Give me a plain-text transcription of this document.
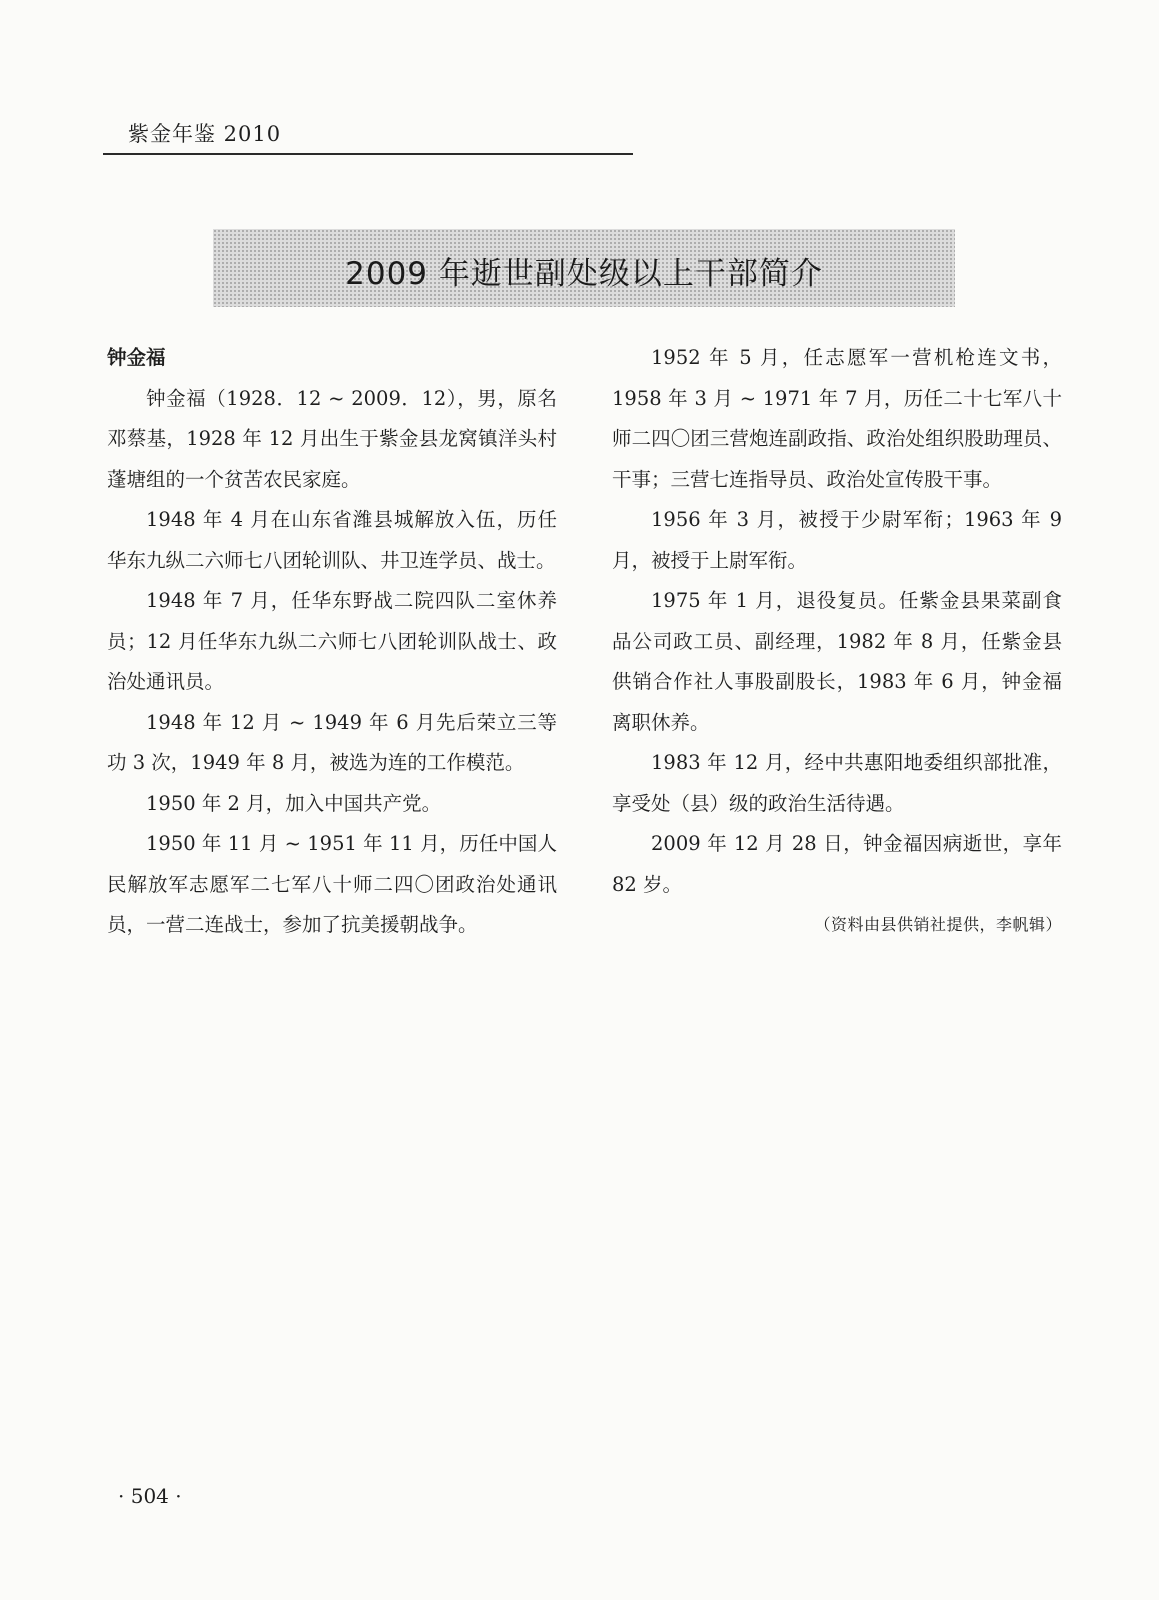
紫金年鉴 2010
2009 年逝世副处级以上干部简介
钟金福

钟金福（1928．12 ~ 2009．12），男，原名邓蔡基，1928 年 12 月出生于紫金县龙窝镇洋头村蓬塘组的一个贫苦农民家庭。

1948 年 4 月在山东省潍县城解放入伍，历任华东九纵二六师七八团轮训队、井卫连学员、战士。

1948 年 7 月，任华东野战二院四队二室休养员；12 月任华东九纵二六师七八团轮训队战士、政治处通讯员。

1948 年 12 月 ~ 1949 年 6 月先后荣立三等功 3 次，1949 年 8 月，被选为连的工作模范。

1950 年 2 月，加入中国共产党。

1950 年 11 月 ~ 1951 年 11 月，历任中国人民解放军志愿军二七军八十师二四〇团政治处通讯员，一营二连战士，参加了抗美援朝战争。

1952 年 5 月，任志愿军一营机枪连文书，1958 年 3 月 ~ 1971 年 7 月，历任二十七军八十师二四〇团三营炮连副政指、政治处组织股助理员、干事；三营七连指导员、政治处宣传股干事。

1956 年 3 月，被授于少尉军衔；1963 年 9 月，被授于上尉军衔。

1975 年 1 月，退役复员。任紫金县果菜副食品公司政工员、副经理，1982 年 8 月，任紫金县供销合作社人事股副股长，1983 年 6 月，钟金福离职休养。

1983 年 12 月，经中共惠阳地委组织部批准，享受处（县）级的政治生活待遇。

2009 年 12 月 28 日，钟金福因病逝世，享年 82 岁。

（资料由县供销社提供，李帆辑）

· 504 ·
